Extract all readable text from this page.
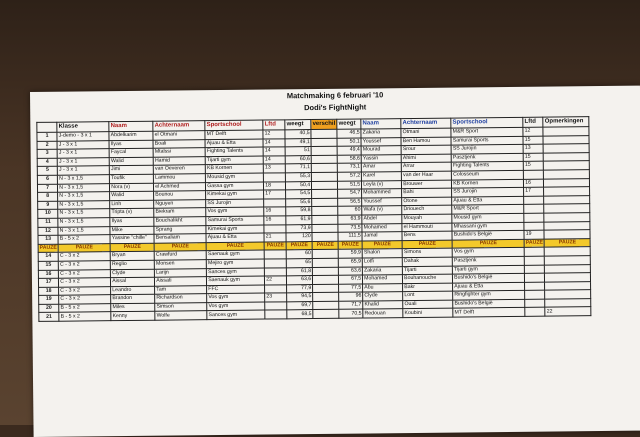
Matchmaking 6 februari '10
Dodi's FightNight
	Klasse	Naam	Achternaam	Sportschool	Lftd	weegt	verschil	weegt	Naam	Achternaam	Sportschool	Lftd	Opmerkingen
1	J-demo - 3 x 1	Abdelkarim	el Otmani	MT Delft	12	40,5		46,5	Zakaria	Otmani	M&R Sport	12	
2	J - 3 x 1	Ilyas	Boali	Ajuau & Etta	14	49,1		50,1	Youssef	Ben Hamou	Samurai Sports	15	
3	J - 3 x 1	Faycal	Mtalssi	Fighting Talents	14	51		49,4	Mourad	Srour	SS Jurojin	13	
4	J - 3 x 1	Walid	Hamid	Tijarti gym	14	60,6		58,6	Yassin	Ahimi	Pasztjenk	15	
5	J - 3 x 1	Jimi	van Oeveren	KB Kornen	13	71,1		73,1	Amar	Arrar	Fighting Talents	15	
6	N - 3 x 1,5	Toufik	Lammou	Mousid gym		55,3		57,2	Karel	van der Haar	Colosseum		
7	N - 3 x 1,5	Nora (v)	el Achmed	Gassa gym	18	50,4		51,5	Leyla (v)	Brouwer	KB Kornen	16	
8	N - 3 x 1,5	Walid	Bounou	Kimekai gym	17	54,5		54,7	Mohammed	Bahi	SS Jurojin	17	
9	N - 3 x 1,5	Linh	Nguyen	SS Jurojin		55,6		56,5	Youssef	Otone	Ajuau & Etta		
10	N - 3 x 1,5	Tripta (v)	Biekram	Vos gym	16	59,8		60	Wafa (v)	Driouech	M&R Sport		
11	N - 3 x 1,5	Ilyas	Bouchalikht	Samurai Sports	16	61,9		63,9	Abdel	Mouyah	Mousid gym		
12	N - 3 x 1,5	Mike	Sprang	Kimekai gym		73,9		73,5	Mohamed	el Hammouti	Mhassani gym		
13	B - 5 x 2	Yassine "chille"	Bensaliam	Ajuau & Etta	21	120		111,5	Jamal	Bens	Bushido's België	19	
PAUZE	PAUZE	PAUZE	PAUZE	PAUZE	PAUZE	PAUZE	PAUZE	PAUZE	PAUZE	PAUZE	PAUZE	PAUZE	PAUZE
14	C - 3 x 2	Bryan	Crawfurd	Saenauk gym		60		59,9	Shalon	Simons	Vos gym		
15	C - 3 x 2	Reglio	Monsen	Mejiro gym		65		65,9	Lotfi	Dahak	Pasztjenk		
16	C - 3 x 2	Clyde	Larijn	Sances gym		61,8		63,6	Zakaria	Tijarti	Tijarti gym		
17	C - 3 x 2	Aissal	Aissati	Saenauk gym	22	63,6		67,5	Mohamed	Bouhanouche	Bushido's België		
18	C - 3 x 2	Leandro	Tam	FFC		77,9		77,5	Abu	Bakr	Ajuau & Etta		
19	C - 3 x 2	Brandon	Richardson	Vos gym	23	94,5		96	Clyde	Lont	Ringfighter gym		
20	B - 5 x 2	Miles	Simson	Vos gym		69,7		71,7	Khalid	Ouali	Bushido's België		
21	B - 5 x 2	Kenny	Wolfe	Sances gym		68,5		70,5	Redouan	Koubini	MT Delft		22
